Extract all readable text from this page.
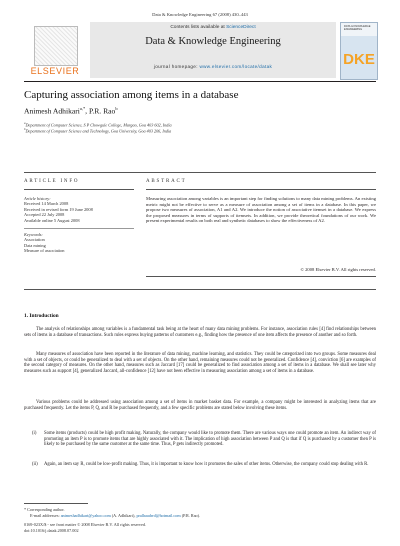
Data & Knowledge Engineering 67 (2008) 430–443
ELSEVIER
Contents lists available at ScienceDirect
Data & Knowledge Engineering
journal homepage: www.elsevier.com/locate/datak
DATA & KNOWLEDGE ENGINEERING
DKE
Capturing association among items in a database
Animesh Adhikari$^{a,*}$, P.R. Rao$^b$
$^a$Department of Computer Science, S P Chowgule College, Margao, Goa 403 602, India
$^b$Department of Computer Science and Technology, Goa University, Goa 403 206, India
ARTICLE INFO	ABSTRACT
Article history:
Received 14 March 2008
Received in revised form 19 June 2008
Accepted 22 July 2008
Available online 5 August 2008
Keywords:
Association
Data mining
Measure of association
Measuring association among variables is an important step for finding solutions to many data mining problems. An existing metric might not be effective to serve as a measure of association among a set of items in a database. In this paper, we propose two measures of association, A1 and A2. We introduce the notion of associative itemset in a database. We express the proposed measures in terms of supports of itemsets. In addition, we provide theoretical foundations of our work. We present experimental results on both real and synthetic databases to show the effectiveness of A2.
© 2008 Elsevier B.V. All rights reserved.
1. Introduction
The analysis of relationships among variables is a fundamental task being at the heart of many data mining problems. For instance, association rules [4] find relationships between sets of items in a database of transactions. Such rules express buying patterns of customers e.g., finding how the presence of one item affects the presence of another and so forth.
Many measures of association have been reported in the literature of data mining, machine learning, and statistics. They could be categorized into two groups. Some measures deal with a set of objects, or could be generalized to deal with a set of objects. On the other hand, remaining measures could not be generalized. Confidence [4], conviction [6] are examples of the second category of measures. On the other hand, measures such as Jaccard [17] could be generalized to find association among a set of items in a database. We shall see later why measures such as support [4], generalized Jaccard, all-confidence [12] have not been effective in measuring association among a set of items in a database.
Various problems could be addressed using association among a set of items in market basket data. For example, a company might be interested in analyzing items that are purchased frequently. Let the items P, Q, and R be purchased frequently, and a few specific problems are stated below involving these items.
(i) Some items (products) could be high profit making. Naturally, the company would like to promote them. There are various ways one could promote an item. An indirect way of promoting an item P is to promote items that are highly associated with it. The implication of high association between P and Q is that if Q is purchased by a customer then P is likely to be purchased by the same customer at the same time. Thus, P gets indirectly promoted.
(ii) Again, an item say R, could be low-profit making. Thus, it is important to know how it promotes the sales of other items. Otherwise, the company could stop dealing with R.
* Corresponding author.
E-mail addresses: animeshadhikari@yahoo.com (A. Adhikari), pralhaadrrd@hotmail.com (P.R. Rao).
0169-023X/$ - see front matter © 2008 Elsevier B.V. All rights reserved.
doi:10.1016/j.datak.2008.07.002
